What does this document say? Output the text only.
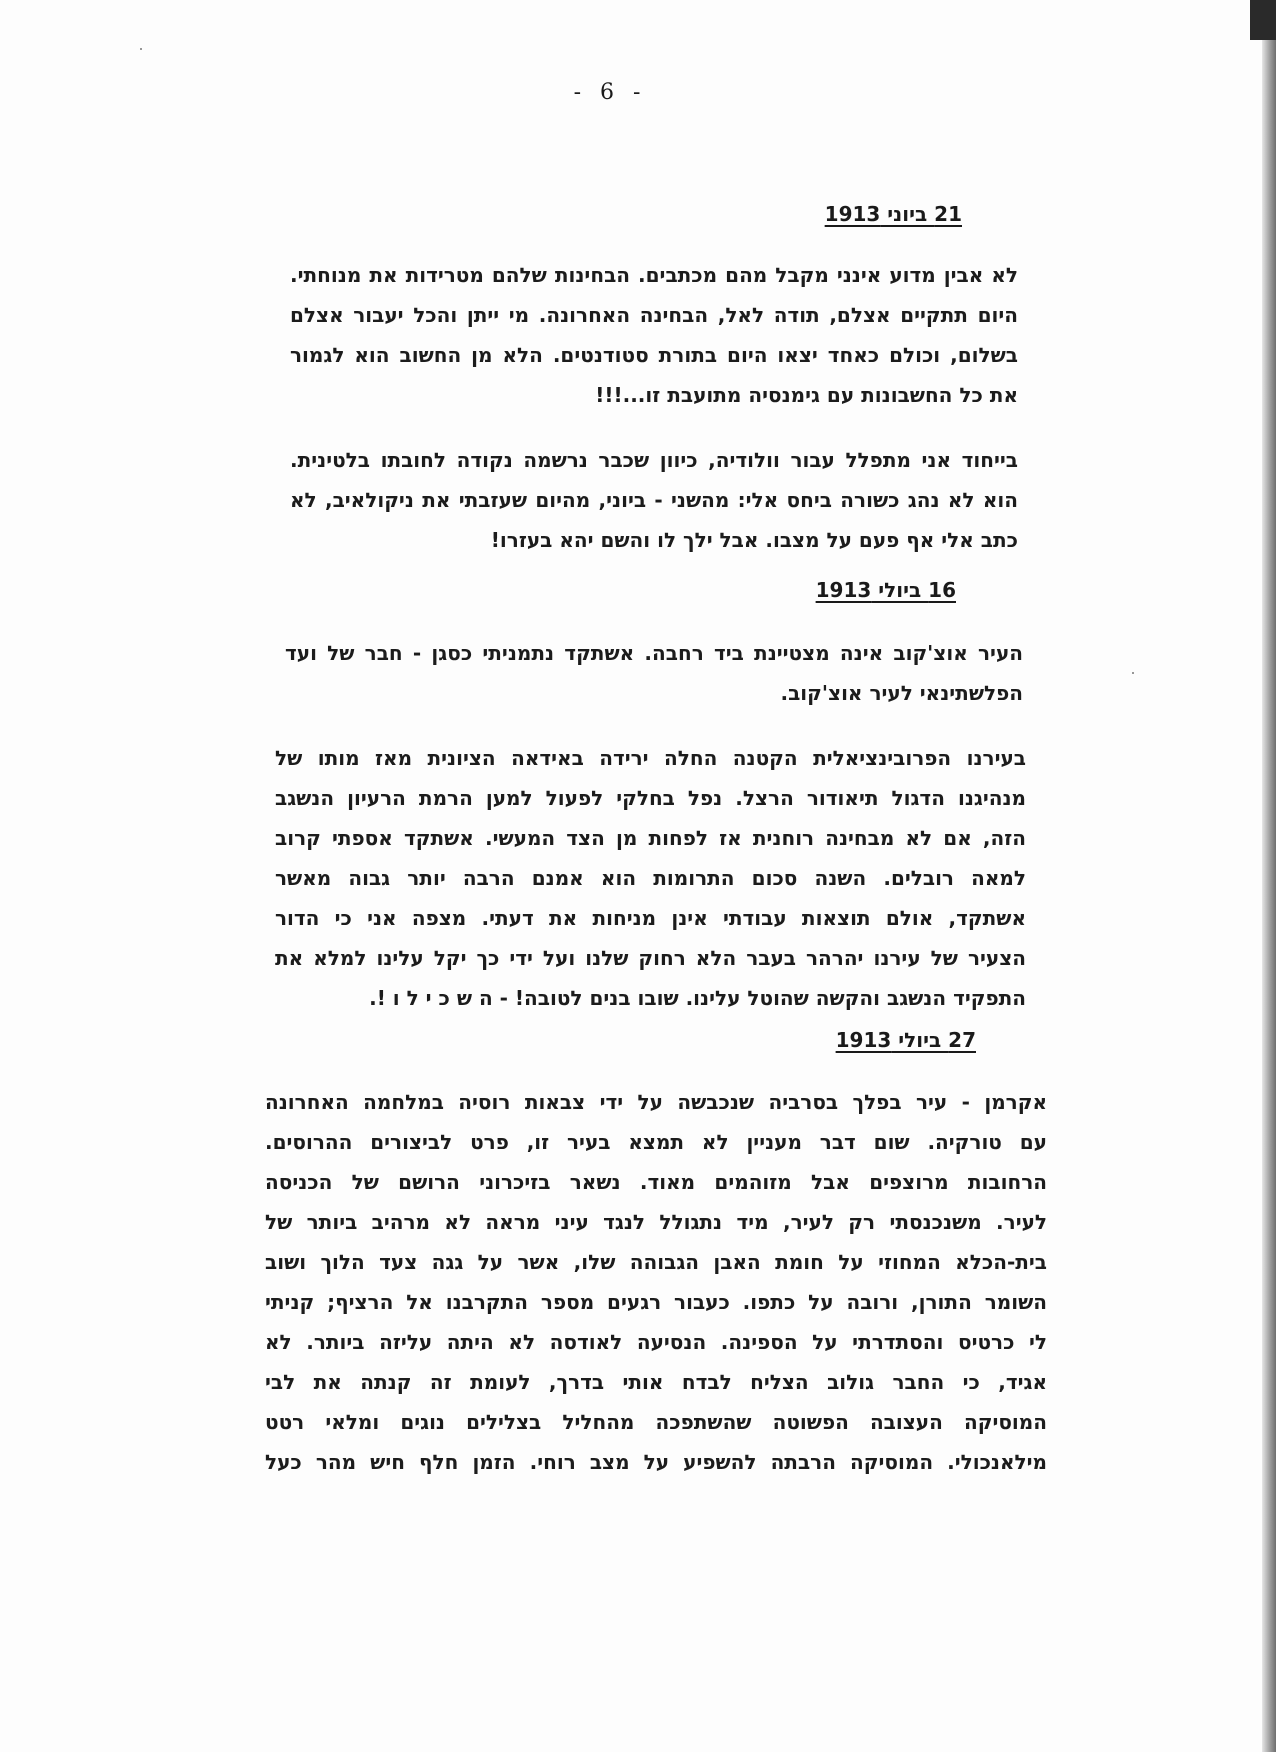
- 6 -
21 ביוני 1913
לא אבין מדוע אינני מקבל מהם מכתבים. הבחינות שלהם מטרידות את מנוחתי.
היום תתקיים אצלם, תודה לאל, הבחינה האחרונה. מי ייתן והכל יעבור אצלם
בשלום, וכולם כאחד יצאו היום בתורת סטודנטים. הלא מן החשוב הוא לגמור
את כל החשבונות עם גימנסיה מתועבת זו...!!!
בייחוד אני מתפלל עבור וולודיה, כיוון שכבר נרשמה נקודה לחובתו בלטינית.
הוא לא נהג כשורה ביחס אלי: מהשני - ביוני, מהיום שעזבתי את ניקולאיב, לא
כתב אלי אף פעם על מצבו. אבל ילך לו והשם יהא בעזרו!
16 ביולי 1913
העיר אוצ'קוב אינה מצטיינת ביד רחבה. אשתקד נתמניתי כסגן - חבר של ועד
הפלשתינאי לעיר אוצ'קוב.
בעירנו הפרובינציאלית הקטנה החלה ירידה באידאה הציונית מאז מותו של
מנהיגנו הדגול תיאודור הרצל. נפל בחלקי לפעול למען הרמת הרעיון הנשגב
הזה, אם לא מבחינה רוחנית אז לפחות מן הצד המעשי. אשתקד אספתי קרוב
למאה רובלים. השנה סכום התרומות הוא אמנם הרבה יותר גבוה מאשר
אשתקד, אולם תוצאות עבודתי אינן מניחות את דעתי. מצפה אני כי הדור
הצעיר של עירנו יהרהר בעבר הלא רחוק שלנו ועל ידי כך יקל עלינו למלא את
התפקיד הנשגב והקשה שהוטל עלינו. שובו בנים לטובה! - ה ש כ י ל ו !.
27 ביולי 1913
אקרמן - עיר בפלך בסרביה שנכבשה על ידי צבאות רוסיה במלחמה האחרונה
עם טורקיה. שום דבר מעניין לא תמצא בעיר זו, פרט לביצורים ההרוסים.
הרחובות מרוצפים אבל מזוהמים מאוד. נשאר בזיכרוני הרושם של הכניסה
לעיר. משנכנסתי רק לעיר, מיד נתגולל לנגד עיני מראה לא מרהיב ביותר של
בית-הכלא המחוזי על חומת האבן הגבוהה שלו, אשר על גגה צעד הלוך ושוב
השומר התורן, ורובה על כתפו. כעבור רגעים מספר התקרבנו אל הרציף; קניתי
לי כרטיס והסתדרתי על הספינה. הנסיעה לאודסה לא היתה עליזה ביותר. לא
אגיד, כי החבר גולוב הצליח לבדח אותי בדרך, לעומת זה קנתה את לבי
המוסיקה העצובה הפשוטה שהשתפכה מהחליל בצלילים נוגים ומלאי רטט
מילאנכולי. המוסיקה הרבתה להשפיע על מצב רוחי. הזמן חלף חיש מהר כעל
